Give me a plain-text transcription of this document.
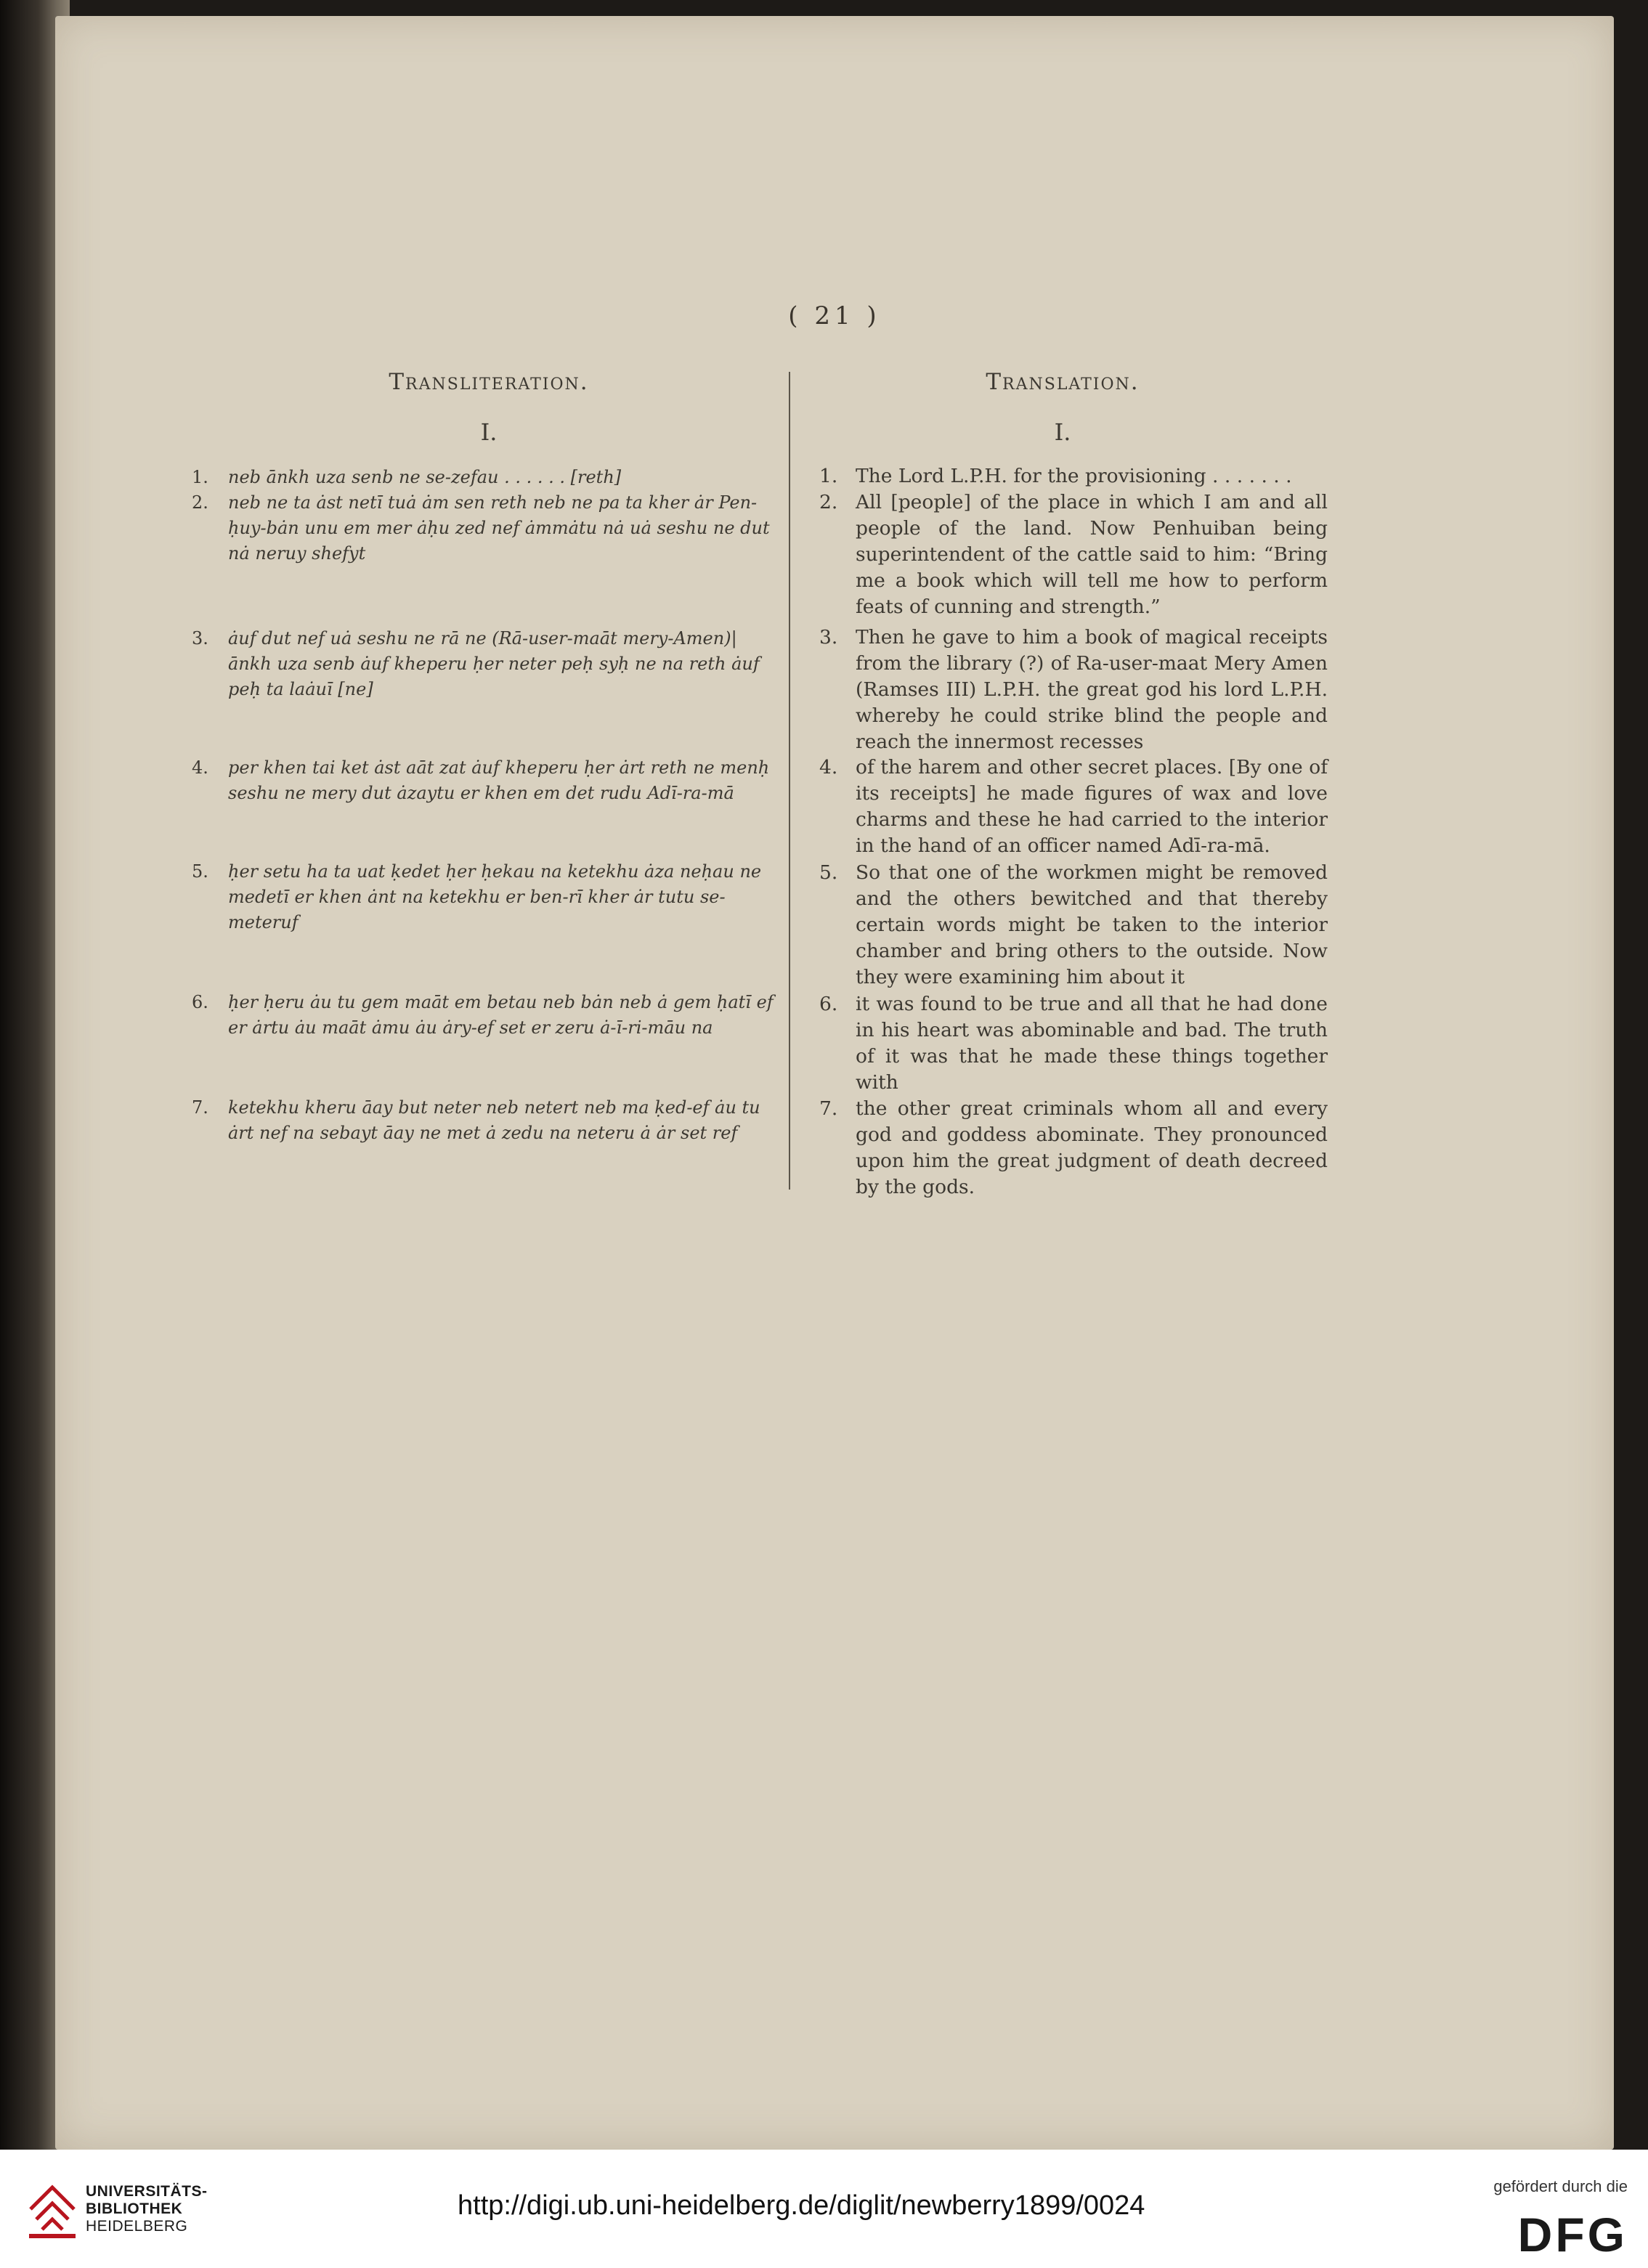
( 21 )
Transliteration.
I.
1. neb ānkh uza senb ne se-zefau . . . . . . [reth]
2. neb ne ta ȧst netī tuȧ ȧm sen reth neb ne pa ta kher ȧr Pen-ḥuy-bȧn unu em mer ȧḥu zed nef ȧmmȧtu nȧ uȧ seshu ne dut nȧ neruy shefyt
3. ȧuf dut nef uȧ seshu ne rā ne (Rā-user-maāt mery-Amen)| ānkh uza senb ȧuf kheperu ḥer neter peḥ syḥ ne na reth ȧuf peḥ ta laȧuī [ne]
4. per khen tai ket ȧst aāt zat ȧuf kheperu ḥer ȧrt reth ne menḥ seshu ne mery dut ȧzaytu er khen em det rudu Adī-ra-mā
5. ḥer setu ha ta uat ḳedet ḥer ḥekau na ketekhu ȧza neḥau ne medetī er khen ȧnt na ketekhu er ben-rī kher ȧr tutu se-meteruf
6. ḥer ḥeru ȧu tu gem maāt em betau neb bȧn neb ȧ gem ḥatī ef er ȧrtu ȧu maāt ȧmu ȧu ȧry-ef set er zeru ȧ-ī-ri-māu na
7. ketekhu kheru āay but neter neb netert neb ma ḳed-ef ȧu tu ȧrt nef na sebayt āay ne met ȧ zedu na neteru ȧ ȧr set ref
Translation.
I.
1. The Lord L.P.H. for the provisioning . . . . . . .
2. All [people] of the place in which I am and all people of the land. Now Penhuiban being superintendent of the cattle said to him: “Bring me a book which will tell me how to perform feats of cunning and strength.”
3. Then he gave to him a book of magical receipts from the library (?) of Ra-user-maat Mery Amen (Ramses III) L.P.H. the great god his lord L.P.H. whereby he could strike blind the people and reach the innermost recesses
4. of the harem and other secret places. [By one of its receipts] he made figures of wax and love charms and these he had carried to the interior in the hand of an officer named Adī-ra-mā.
5. So that one of the workmen might be removed and the others bewitched and that thereby certain words might be taken to the interior chamber and bring others to the outside. Now they were examining him about it
6. it was found to be true and all that he had done in his heart was abominable and bad. The truth of it was that he made these things together with
7. the other great criminals whom all and every god and goddess abominate. They pronounced upon him the great judgment of death decreed by the gods.
UNIVERSITÄTS-
BIBLIOTHEK
HEIDELBERG
http://digi.ub.uni-heidelberg.de/diglit/newberry1899/0024
gefördert durch die
DFG
